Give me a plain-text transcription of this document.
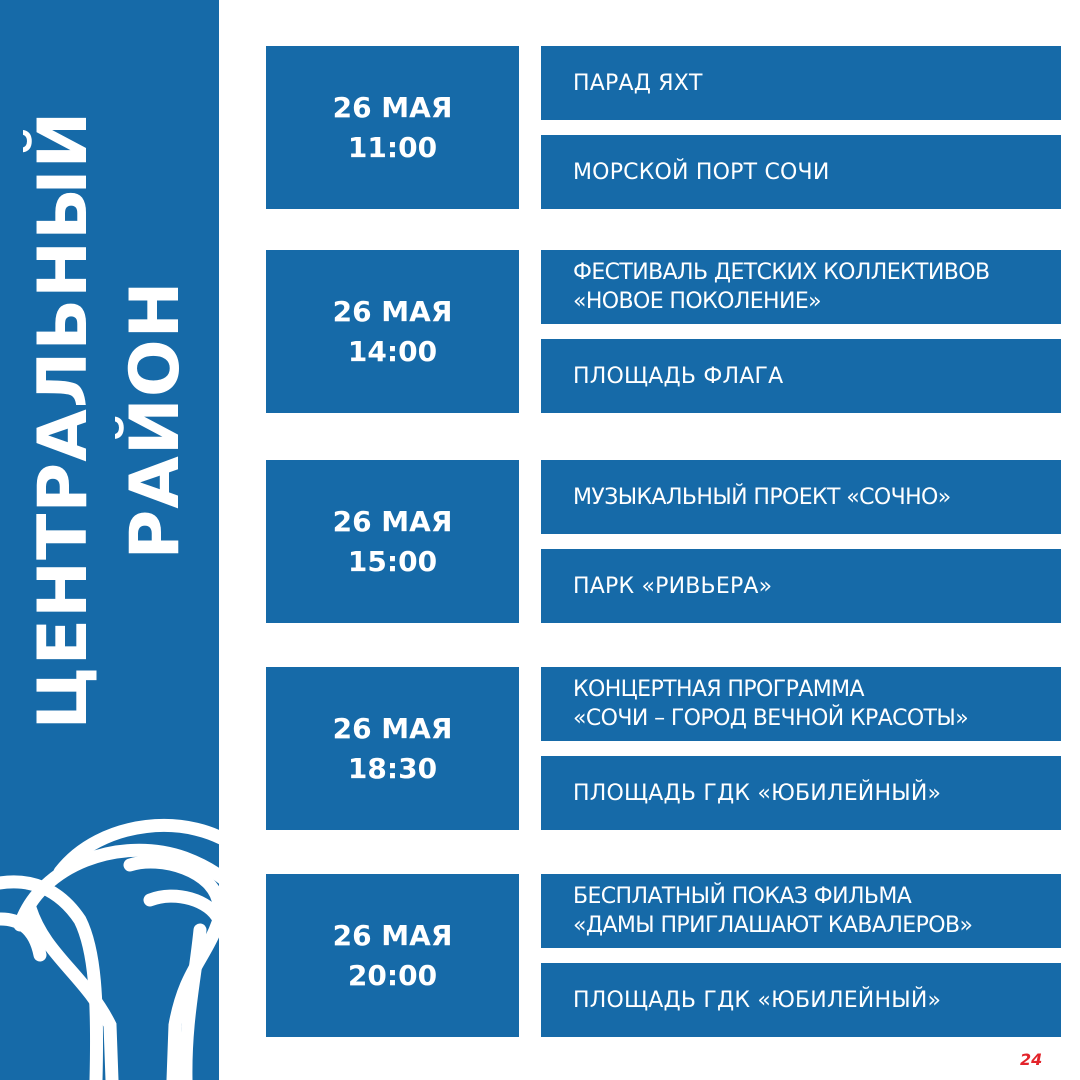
ЦЕНТРАЛЬНЫЙ РАЙОН
26 МАЯ
11:00
ПАРАД ЯХТ
МОРСКОЙ ПОРТ СОЧИ
26 МАЯ
14:00
ФЕСТИВАЛЬ ДЕТСКИХ КОЛЛЕКТИВОВ
«НОВОЕ ПОКОЛЕНИЕ»
ПЛОЩАДЬ ФЛАГА
26 МАЯ
15:00
МУЗЫКАЛЬНЫЙ ПРОЕКТ «СОЧНО»
ПАРК «РИВЬЕРА»
26 МАЯ
18:30
КОНЦЕРТНАЯ ПРОГРАММА
«СОЧИ – ГОРОД ВЕЧНОЙ КРАСОТЫ»
ПЛОЩАДЬ ГДК «ЮБИЛЕЙНЫЙ»
26 МАЯ
20:00
БЕСПЛАТНЫЙ ПОКАЗ ФИЛЬМА
«ДАМЫ ПРИГЛАШАЮТ КАВАЛЕРОВ»
ПЛОЩАДЬ ГДК «ЮБИЛЕЙНЫЙ»
24
